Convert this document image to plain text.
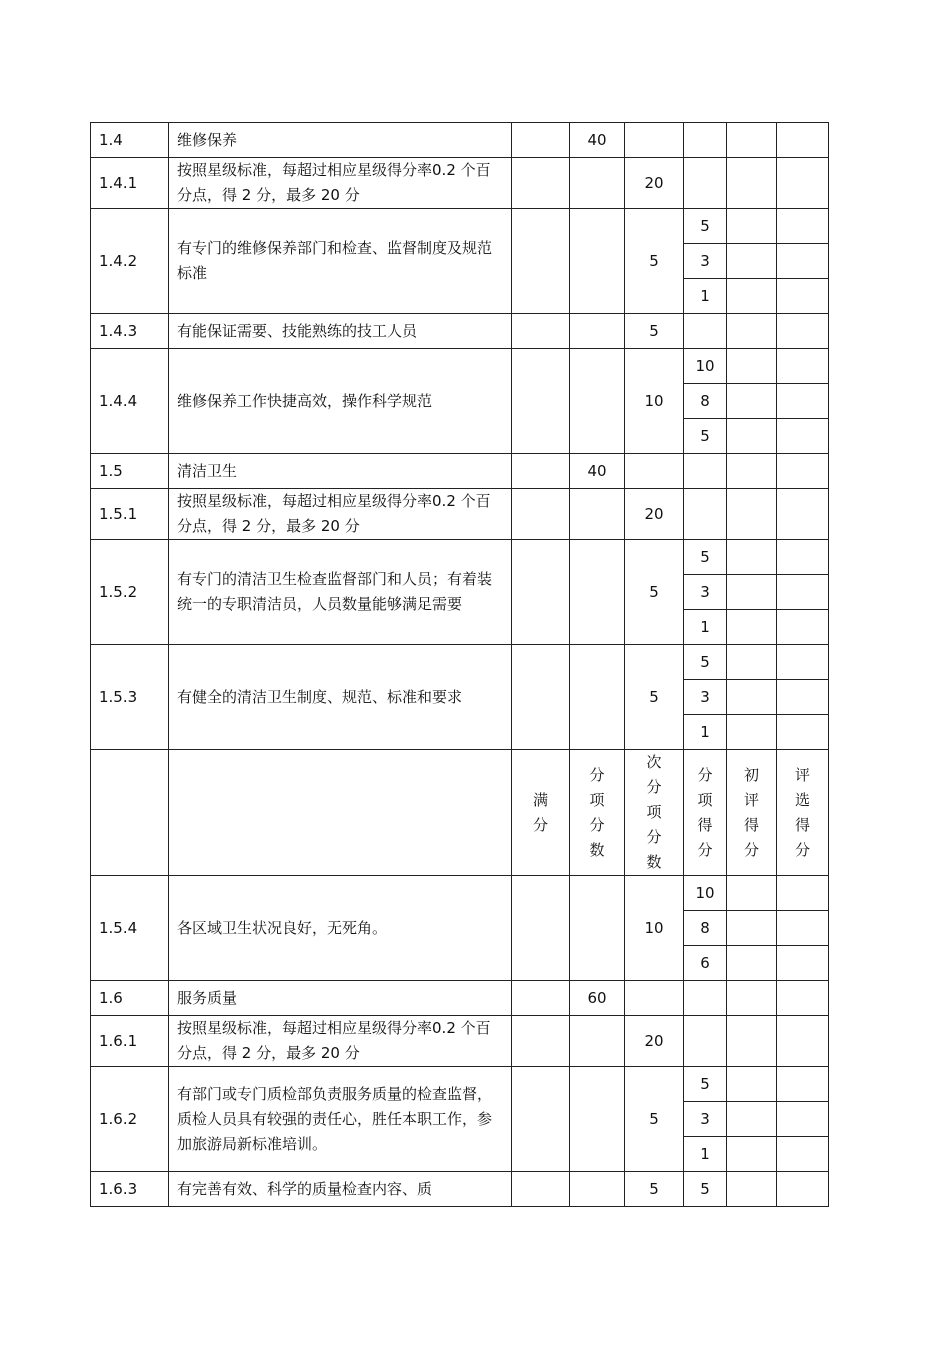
1.4	维修保养		40				
1.4.1	按照星级标准，每超过相应星级得分率0.2 个百分点，得 2 分，最多 20 分			20			
1.4.2	有专门的维修保养部门和检查、监督制度及规范标准			5	5		
					3		
					1		
1.4.3	有能保证需要、技能熟练的技工人员			5			
1.4.4	维修保养工作快捷高效，操作科学规范			10	10		
					8		
					5		
1.5	清洁卫生		40				
1.5.1	按照星级标准，每超过相应星级得分率0.2 个百分点，得 2 分，最多 20 分			20			
1.5.2	有专门的清洁卫生检查监督部门和人员；有着装统一的专职清洁员，人员数量能够满足需要			5	5		
					3		
					1		
1.5.3	有健全的清洁卫生制度、规范、标准和要求			5	5		
					3		
					1		
		满分	分项分数	次分项分数	分项得分	初评得分	评选得分
1.5.4	各区域卫生状况良好，无死角。			10	10		
					8		
					6		
1.6	服务质量		60				
1.6.1	按照星级标准，每超过相应星级得分率0.2 个百分点，得 2 分，最多 20 分			20			
1.6.2	有部门或专门质检部负责服务质量的检查监督，质检人员具有较强的责任心，胜任本职工作，参加旅游局新标准培训。			5	5		
					3		
					1		
1.6.3	有完善有效、科学的质量检查内容、质			5	5		
